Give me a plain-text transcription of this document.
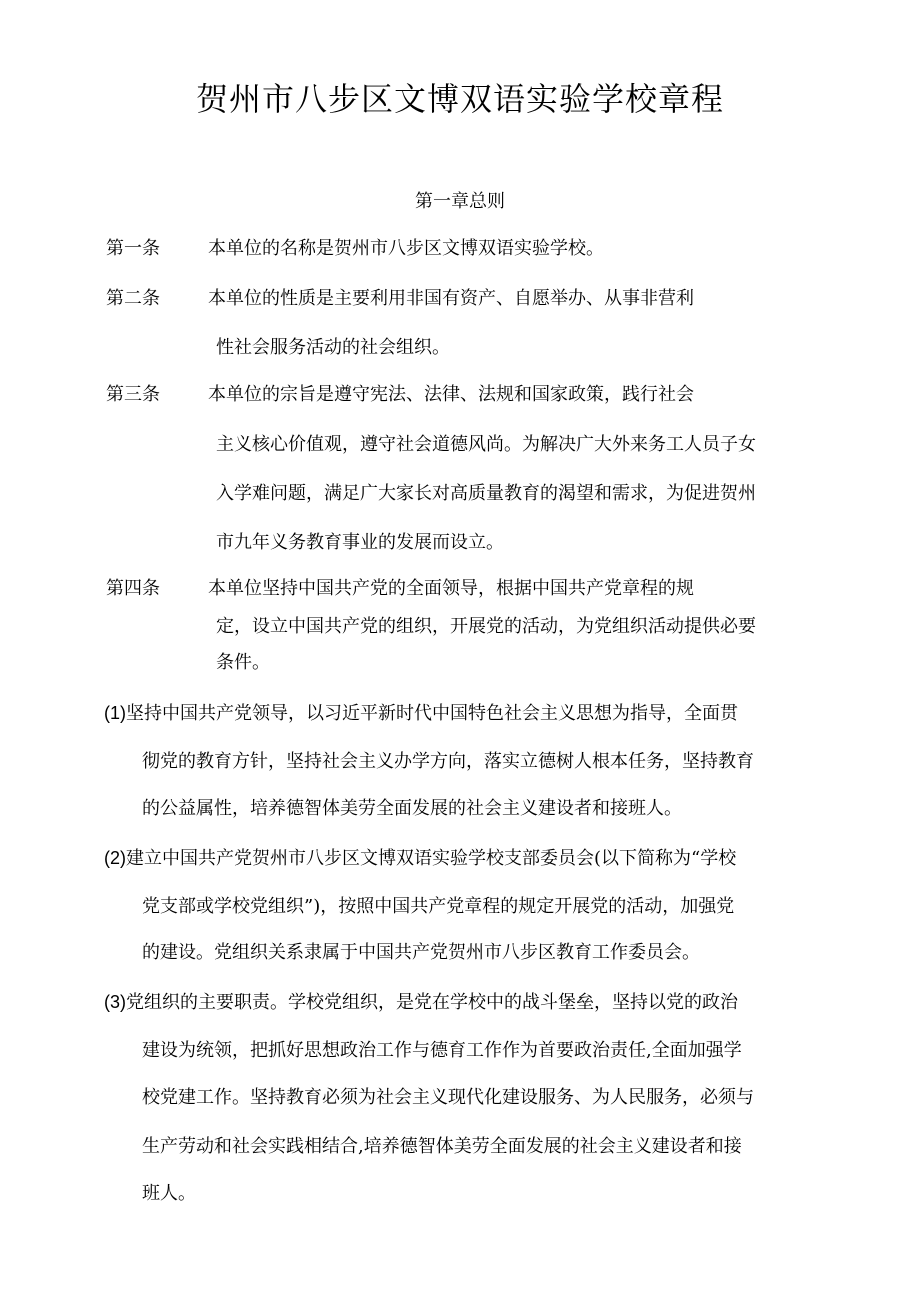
贺州市八步区文博双语实验学校章程
第一章总则

第一条	本单位的名称是贺州市八步区文博双语实验学校。

第二条	本单位的性质是主要利用非国有资产、自愿举办、从事非营利

性社会服务活动的社会组织。

第三条	本单位的宗旨是遵守宪法、法律、法规和国家政策，践行社会

主义核心价值观，遵守社会道德风尚。为解决广大外来务工人员子女

入学难问题，满足广大家长对高质量教育的渴望和需求，为促进贺州

市九年义务教育事业的发展而设立。

第四条	本单位坚持中国共产党的全面领导，根据中国共产党章程的规

定，设立中国共产党的组织，开展党的活动，为党组织活动提供必要

条件。

(1)坚持中国共产党领导，以习近平新时代中国特色社会主义思想为指导，全面贯

彻党的教育方针，坚持社会主义办学方向，落实立德树人根本任务，坚持教育

的公益属性，培养德智体美劳全面发展的社会主义建设者和接班人。

(2)建立中国共产党贺州市八步区文博双语实验学校支部委员会(以下简称为“学校

党支部或学校党组织”)，按照中国共产党章程的规定开展党的活动，加强党

的建设。党组织关系隶属于中国共产党贺州市八步区教育工作委员会。

(3)党组织的主要职责。学校党组织，是党在学校中的战斗堡垒，坚持以党的政治

建设为统领，把抓好思想政治工作与德育工作作为首要政治责任,全面加强学

校党建工作。坚持教育必须为社会主义现代化建设服务、为人民服务，必须与

生产劳动和社会实践相结合,培养德智体美劳全面发展的社会主义建设者和接

班人。
